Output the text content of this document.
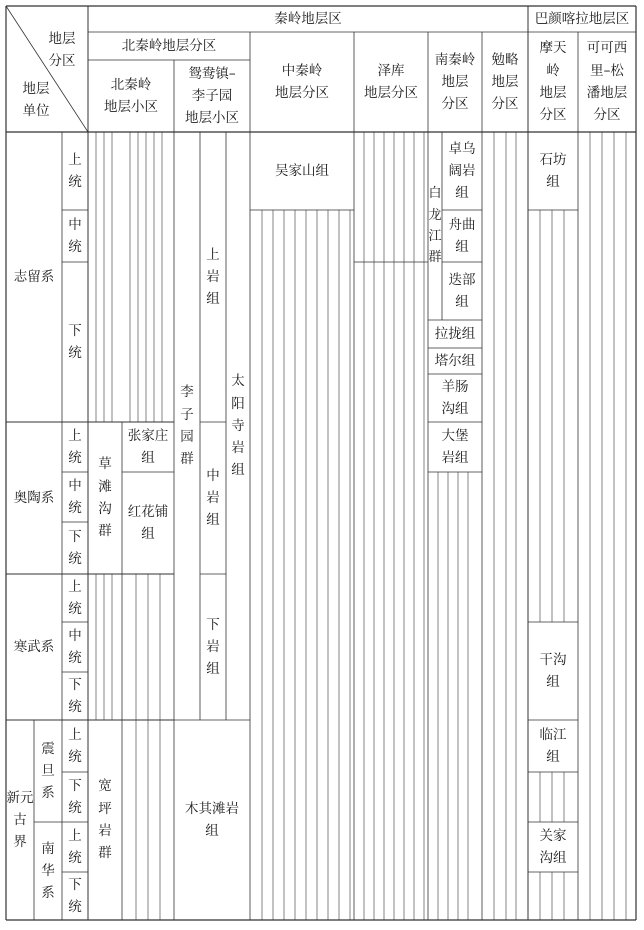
地层
分区
地层
单位
秦岭地层区	巴颜喀拉地层区
北秦岭地层分区
北秦岭
地层小区
鸳鸯镇–
李子园
地层小区
中秦岭
地层分区
泽库
地层分区
南秦岭
地层
分区
勉略
地层
分区
摩天
岭
地层
分区
可可西
里–松
潘地层
分区
志留系
奥陶系
寒武系
新元
古
界
震
旦
系
南
华
系
上
统
中
统
下
统
上
统
中
统
下
统
上
统
中
统
下
统
上
统
下
统
上
统
下
统
草
滩
沟
群
张家庄
组
红花铺
组
宽
坪
岩
群
李
子
园
群
上
岩
组
中
岩
组
下
岩
组
太
阳
寺
岩
组
木其滩岩
组
吴家山组
白
龙
江
群
卓乌
阔岩
组
舟曲
组
迭部
组
拉拢组
塔尔组
羊肠
沟组
大堡
岩组
石坊
组
干沟
组
临江
组
关家
沟组
